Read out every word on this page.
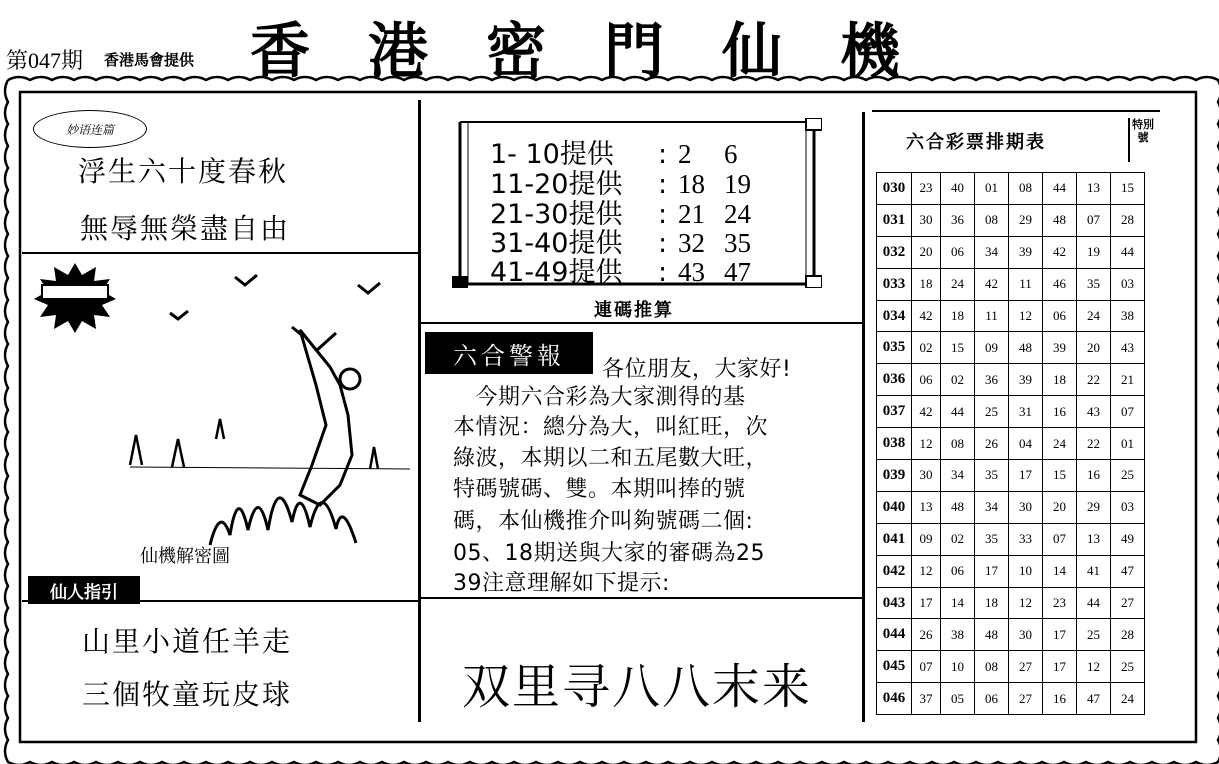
第047期 香港馬會提供 香港密門仙機
妙语连篇
浮生六十度春秋
無辱無榮盡自由
仙機解密圖
仙人指引
山里小道任羊走
三個牧童玩皮球
1- 10提供 : 2 6
11-20提供 : 18 19
21-30提供 : 21 24
31-40提供 : 32 35
41-49提供 : 43 47
連碼推算
六合警報	各位朋友，大家好!
　今期六合彩為大家測得的基
本情況：總分為大，叫紅旺，次
綠波，本期以二和五尾數大旺，
特碼號碼、雙。本期叫捧的號
碼，本仙機推介叫夠號碼二個:
05、18期送與大家的審碼為25
39注意理解如下提示:
双里寻八八末来
六合彩票排期表
特別號
030	23	40	01	08	44	13	15
031	30	36	08	29	48	07	28
032	20	06	34	39	42	19	44
033	18	24	42	11	46	35	03
034	42	18	11	12	06	24	38
035	02	15	09	48	39	20	43
036	06	02	36	39	18	22	21
037	42	44	25	31	16	43	07
038	12	08	26	04	24	22	01
039	30	34	35	17	15	16	25
040	13	48	34	30	20	29	03
041	09	02	35	33	07	13	49
042	12	06	17	10	14	41	47
043	17	14	18	12	23	44	27
044	26	38	48	30	17	25	28
045	07	10	08	27	17	12	25
046	37	05	06	27	16	47	24
